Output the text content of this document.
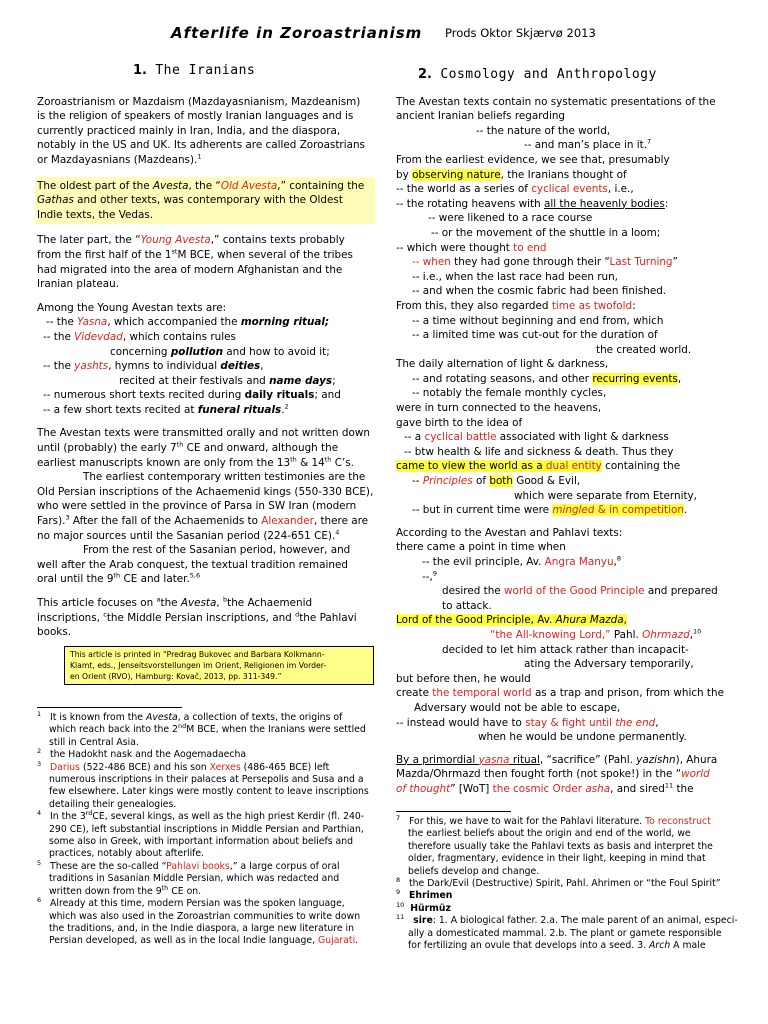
Afterlife in Zoroastrianism Prods Oktor Skjærvø 2013
1. The Iranians

Zoroastrianism or Mazdaism (Mazdayasnianism, Mazdeanism)
is the religion of speakers of mostly Iranian languages and is
currently practiced mainly in Iran, India, and the diaspora,
notably in the US and UK. Its adherents are called Zoroastrians
or Mazdayasnians (Mazdeans).$^1$

The oldest part of the Avesta, the “Old Avesta,” containing the
Gathas and other texts, was contemporary with the Oldest
Indie texts, the Vedas.

The later part, the “Young Avesta,” contains texts probably
from the first half of the 1stM BCE, when several of the tribes
had migrated into the area of modern Afghanistan and the
Iranian plateau.

Among the Young Avestan texts are:
-- the Yasna, which accompanied the morning ritual;
-- the Videvdad, which contains rules
concerning pollution and how to avoid it;
-- the yashts, hymns to individual deities,
recited at their festivals and name days;
-- numerous short texts recited during daily rituals; and
-- a few short texts recited at funeral rituals.$^2$

The Avestan texts were transmitted orally and not written down
until (probably) the early 7th CE and onward, although the
earliest manuscripts known are only from the 13th & 14th C’s.
The earliest contemporary written testimonies are the
Old Persian inscriptions of the Achaemenid kings (550-330 BCE),
who were settled in the province of Parsa in SW Iran (modern
Fars).$^3$ After the fall of the Achaemenids to Alexander, there are
no major sources until the Sasanian period (224-651 CE).$^4$
From the rest of the Sasanian period, however, and
well after the Arab conquest, the textual tradition remained
oral until the 9th CE and later.$^{5,6}$

This article focuses on $^a$the Avesta, $^b$the Achaemenid
inscriptions, $^c$the Middle Persian inscriptions, and $^d$the Pahlavi
books.

This article is printed in “Predrag Bukovec and Barbara Kolkmann-
Klamt, eds., Jenseitsvorstellungen im Orient, Religionen im Vorder-
en Orient (RVO), Hamburg: Kovač, 2013, pp. 311-349.”
$^1$ It is known from the Avesta, a collection of texts, the origins of
which reach back into the 2ndM BCE, when the Iranians were settled
still in Central Asia.
$^2$ the Hadokht nask and the Aogemadaecha
$^3$ Darius (522-486 BCE) and his son Xerxes (486-465 BCE) left
numerous inscriptions in their palaces at Persepolis and Susa and a
few elsewhere. Later kings were mostly content to leave inscriptions
detailing their genealogies.
$^4$ In the 3rdCE, several kings, as well as the high priest Kerdir (fl. 240-
290 CE), left substantial inscriptions in Middle Persian and Parthian,
some also in Greek, with important information about beliefs and
practices, notably about afterlife.
$^5$ These are the so-called “Pahlavi books,” a large corpus of oral
traditions in Sasanian Middle Persian, which was redacted and
written down from the 9th CE on.
$^6$ Already at this time, modern Persian was the spoken language,
which was also used in the Zoroastrian communities to write down
the traditions, and, in the Indie diaspora, a large new literature in
Persian developed, as well as in the local Indie language, Gujarati.
2. Cosmology and Anthropology

The Avestan texts contain no systematic presentations of the
ancient Iranian beliefs regarding
-- the nature of the world,
-- and man’s place in it.$^7$
From the earliest evidence, we see that, presumably
by observing nature, the Iranians thought of
-- the world as a series of cyclical events, i.e.,
-- the rotating heavens with all the heavenly bodies:
-- were likened to a race course
-- or the movement of the shuttle in a loom;
-- which were thought to end
-- when they had gone through their “Last Turning”
-- i.e., when the last race had been run,
-- and when the cosmic fabric had been finished.
From this, they also regarded time as twofold:
-- a time without beginning and end from, which
-- a limited time was cut-out for the duration of
the created world.
The daily alternation of light & darkness,
-- and rotating seasons, and other recurring events,
-- notably the female monthly cycles,
were in turn connected to the heavens,
gave birth to the idea of
-- a cyclical battle associated with light & darkness
-- btw health & life and sickness & death. Thus they
came to view the world as a dual entity containing the
-- Principles of both Good & Evil,
which were separate from Eternity,
-- but in current time were mingled & in competition.

According to the Avestan and Pahlavi texts:
there came a point in time when
-- the evil principle, Av. Angra Manyu,$^8$
--,$^9$
desired the world of the Good Principle and prepared
to attack.
Lord of the Good Principle, Av. Ahura Mazda,
“the All-knowing Lord,” Pahl. Ohrmazd,$^{10}$
decided to let him attack rather than incapacit-
ating the Adversary temporarily,
but before then, he would
create the temporal world as a trap and prison, from which the
Adversary would not be able to escape,
-- instead would have to stay & fight until the end,
when he would be undone permanently.

By a primordial yasna ritual, “sacrifice” (Pahl. yazishn), Ahura
Mazda/Ohrmazd then fought forth (not spoke!) in the “world
of thought” [WoT] the cosmic Order asha, and sired$^{11}$ the

$^7$ For this, we have to wait for the Pahlavi literature. To reconstruct
the earliest beliefs about the origin and end of the world, we
therefore usually take the Pahlavi texts as basis and interpret the
older, fragmentary, evidence in their light, keeping in mind that
beliefs develop and change.
$^8$ the Dark/Evil (Destructive) Spirit, Pahl. Ahrimen or “the Foul Spirit”
$^9$ Ehrimen
$^{10}$ Hürmüz
$^{11}$ sire: 1. A biological father. 2.a. The male parent of an animal, especi-
ally a domesticated mammal. 2.b. The plant or gamete responsible
for fertilizing an ovule that develops into a seed. 3. Arch A male
